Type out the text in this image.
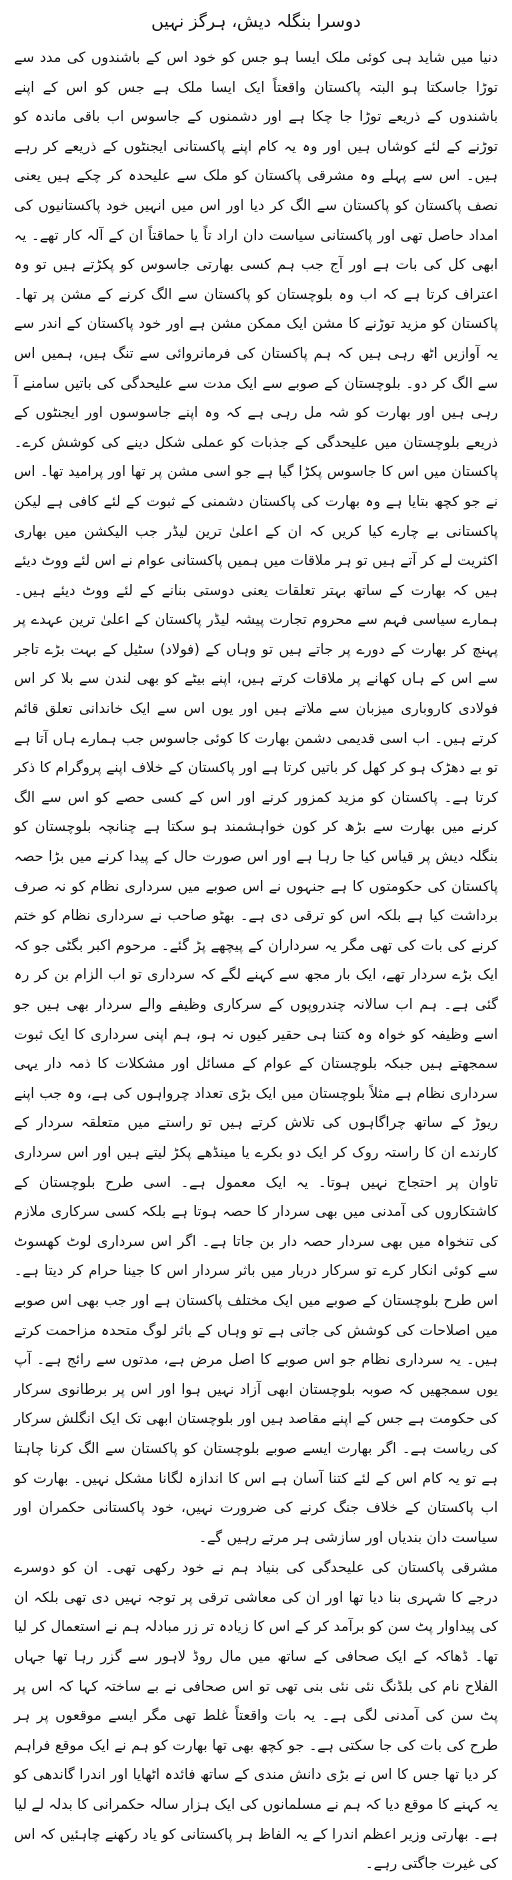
دوسرا بنگلہ دیش، ہرگز نہیں

دنیا میں شاید ہی کوئی ملک ایسا ہو جس کو خود اس کے باشندوں کی مدد سے توڑا جاسکتا ہو البتہ پاکستان واقعتاً ایک ایسا ملک ہے جس کو اس کے اپنے باشندوں کے ذریعے توڑا جا چکا ہے اور دشمنوں کے جاسوس اب باقی ماندہ کو توڑنے کے لئے کوشاں ہیں اور وہ یہ کام اپنے پاکستانی ایجنٹوں کے ذریعے کر رہے ہیں۔ اس سے پہلے وہ مشرقی پاکستان کو ملک سے علیحدہ کر چکے ہیں یعنی نصف پاکستان کو پاکستان سے الگ کر دیا اور اس میں انہیں خود پاکستانیوں کی امداد حاصل تھی اور پاکستانی سیاست دان اراد تاً یا حماقتاً ان کے آلہ کار تھے۔ یہ ابھی کل کی بات ہے اور آج جب ہم کسی بھارتی جاسوس کو پکڑتے ہیں تو وہ اعتراف کرتا ہے کہ اب وہ بلوچستان کو پاکستان سے الگ کرنے کے مشن پر تھا۔ پاکستان کو مزید توڑنے کا مشن ایک ممکن مشن ہے اور خود پاکستان کے اندر سے یہ آوازیں اٹھ رہی ہیں کہ ہم پاکستان کی فرمانروائی سے تنگ ہیں، ہمیں اس سے الگ کر دو۔ بلوچستان کے صوبے سے ایک مدت سے علیحدگی کی باتیں سامنے آ رہی ہیں اور بھارت کو شہ مل رہی ہے کہ وہ اپنے جاسوسوں اور ایجنٹوں کے ذریعے بلوچستان میں علیحدگی کے جذبات کو عملی شکل دینے کی کوشش کرے۔ پاکستان میں اس کا جاسوس پکڑا گیا ہے جو اسی مشن پر تھا اور پرامید تھا۔ اس نے جو کچھ بتایا ہے وہ بھارت کی پاکستان دشمنی کے ثبوت کے لئے کافی ہے لیکن پاکستانی بے چارے کیا کریں کہ ان کے اعلیٰ ترین لیڈر جب الیکشن میں بھاری اکثریت لے کر آتے ہیں تو ہر ملاقات میں ہمیں پاکستانی عوام نے اس لئے ووٹ دیئے ہیں کہ بھارت کے ساتھ بہتر تعلقات یعنی دوستی بنانے کے لئے ووٹ دیئے ہیں۔ ہمارے سیاسی فہم سے محروم تجارت پیشہ لیڈر پاکستان کے اعلیٰ ترین عہدے پر پہنچ کر بھارت کے دورے پر جاتے ہیں تو وہاں کے (فولاد) سٹیل کے بہت بڑے تاجر سے اس کے ہاں کھانے پر ملاقات کرتے ہیں، اپنے بیٹے کو بھی لندن سے بلا کر اس فولادی کاروباری میزبان سے ملاتے ہیں اور یوں اس سے ایک خاندانی تعلق قائم کرتے ہیں۔ اب اسی قدیمی دشمن بھارت کا کوئی جاسوس جب ہمارے ہاں آتا ہے تو بے دھڑک ہو کر کھل کر باتیں کرتا ہے اور پاکستان کے خلاف اپنے پروگرام کا ذکر کرتا ہے۔ پاکستان کو مزید کمزور کرنے اور اس کے کسی حصے کو اس سے الگ کرنے میں بھارت سے بڑھ کر کون خواہشمند ہو سکتا ہے چنانچہ بلوچستان کو بنگلہ دیش پر قیاس کیا جا رہا ہے اور اس صورت حال کے پیدا کرنے میں بڑا حصہ پاکستان کی حکومتوں کا ہے جنہوں نے اس صوبے میں سرداری نظام کو نہ صرف برداشت کیا ہے بلکہ اس کو ترقی دی ہے۔ بھٹو صاحب نے سرداری نظام کو ختم کرنے کی بات کی تھی مگر یہ سرداران کے پیچھے پڑ گئے۔ مرحوم اکبر بگٹی جو کہ ایک بڑے سردار تھے، ایک بار مجھ سے کہنے لگے کہ سرداری تو اب الزام بن کر رہ گئی ہے۔ ہم اب سالانہ چندروپوں کے سرکاری وظیفے والے سردار بھی ہیں جو اسے وظیفہ کو خواہ وہ کتنا ہی حقیر کیوں نہ ہو، ہم اپنی سرداری کا ایک ثبوت سمجھتے ہیں جبکہ بلوچستان کے عوام کے مسائل اور مشکلات کا ذمہ دار یہی سرداری نظام ہے مثلاً بلوچستان میں ایک بڑی تعداد چرواہوں کی ہے، وہ جب اپنے ریوڑ کے ساتھ چراگاہوں کی تلاش کرتے ہیں تو راستے میں متعلقہ سردار کے کارندے ان کا راستہ روک کر ایک دو بکرے یا مینڈھے پکڑ لیتے ہیں اور اس سرداری تاوان پر احتجاج نہیں ہوتا۔ یہ ایک معمول ہے۔ اسی طرح بلوچستان کے کاشتکاروں کی آمدنی میں بھی سردار کا حصہ ہوتا ہے بلکہ کسی سرکاری ملازم کی تنخواہ میں بھی سردار حصہ دار بن جاتا ہے۔ اگر اس سرداری لوٹ کھسوٹ سے کوئی انکار کرے تو سرکار دربار میں باثر سردار اس کا جینا حرام کر دیتا ہے۔ اس طرح بلوچستان کے صوبے میں ایک مختلف پاکستان ہے اور جب بھی اس صوبے میں اصلاحات کی کوشش کی جاتی ہے تو وہاں کے باثر لوگ متحدہ مزاحمت کرتے ہیں۔ یہ سرداری نظام جو اس صوبے کا اصل مرض ہے، مدتوں سے رائج ہے۔ آپ یوں سمجھیں کہ صوبہ بلوچستان ابھی آزاد نہیں ہوا اور اس پر برطانوی سرکار کی حکومت ہے جس کے اپنے مقاصد ہیں اور بلوچستان ابھی تک ایک انگلش سرکار کی ریاست ہے۔ اگر بھارت ایسے صوبے بلوچستان کو پاکستان سے الگ کرنا چاہتا ہے تو یہ کام اس کے لئے کتنا آسان ہے اس کا اندازہ لگانا مشکل نہیں۔ بھارت کو اب پاکستان کے خلاف جنگ کرنے کی ضرورت نہیں، خود پاکستانی حکمران اور سیاست دان بندیاں اور سازشی ہر مرتے رہیں گے۔

مشرقی پاکستان کی علیحدگی کی بنیاد ہم نے خود رکھی تھی۔ ان کو دوسرے درجے کا شہری بنا دیا تھا اور ان کی معاشی ترقی پر توجہ نہیں دی تھی بلکہ ان کی پیداوار پٹ سن کو برآمد کر کے اس کا زیادہ تر زر مبادلہ ہم نے استعمال کر لیا تھا۔ ڈھاکہ کے ایک صحافی کے ساتھ میں مال روڈ لاہور سے گزر رہا تھا جہاں الفلاح نام کی بلڈنگ نئی نئی بنی تھی تو اس صحافی نے بے ساختہ کہا کہ اس پر پٹ سن کی آمدنی لگی ہے۔ یہ بات واقعتاً غلط تھی مگر ایسے موقعوں پر ہر طرح کی بات کی جا سکتی ہے۔ جو کچھ بھی تھا بھارت کو ہم نے ایک موقع فراہم کر دیا تھا جس کا اس نے بڑی دانش مندی کے ساتھ فائدہ اٹھایا اور اندرا گاندھی کو یہ کہنے کا موقع دیا کہ ہم نے مسلمانوں کی ایک ہزار سالہ حکمرانی کا بدلہ لے لیا ہے۔ بھارتی وزیر اعظم اندرا کے یہ الفاظ ہر پاکستانی کو یاد رکھنے چاہئیں کہ اس کی غیرت جاگتی رہے۔
